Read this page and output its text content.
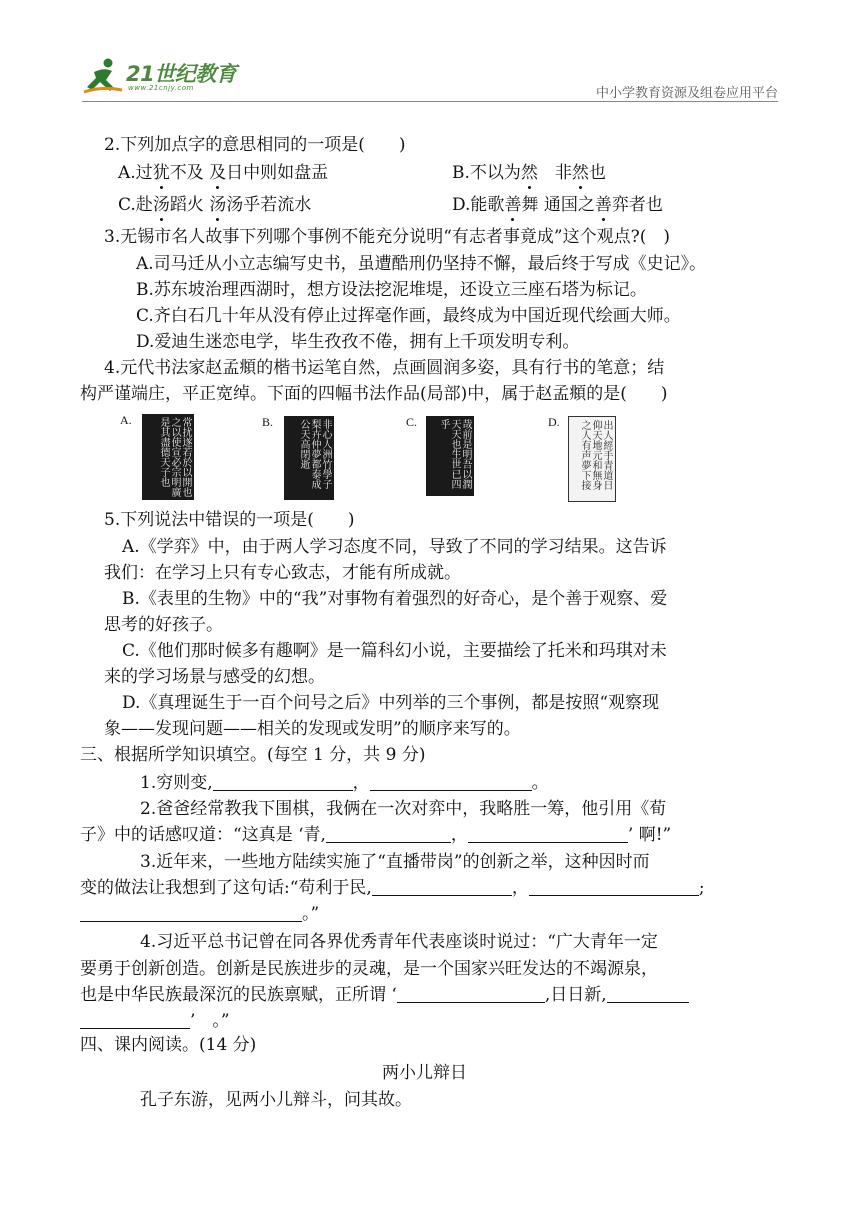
21世纪教育
www.21cnjy.com	中小学教育资源及组卷应用平台
2.下列加点字的意思相同的一项是(　　)
A.过犹不及 及日中则如盘盂	B.不以为然　非然也
C.赴汤蹈火 汤汤乎若流水	D.能歌善舞 通国之善弈者也
3.无锡市名人故事下列哪个事例不能充分说明“有志者事竟成”这个观点?(　)
A.司马迁从小立志编写史书，虽遭酷刑仍坚持不懈，最后终于写成《史记》。
B.苏东坡治理西湖时，想方设法挖泥堆堤，还设立三座石塔为标记。
C.齐白石几十年从没有停止过挥毫作画，最终成为中国近现代绘画大师。
D.爱迪生迷恋电学，毕生孜孜不倦，拥有上千项发明专利。
4.元代书法家赵孟頫的楷书运笔自然，点画圆润多姿，具有行书的笔意；结
构严谨端庄，平正宽绰。下面的四幅书法作品(局部)中，属于赵孟頫的是(　　)
A.	常扰遂若於以開也之以使宣必宗明廣是其盡德天子也	B.	非心人洲竹學子梨卉仲夢都泰成公天高閉逝	C.	哉前是明吾以潤天天也生世已四乎	D.	出人經手青道日仰天地元和無身之人有声夢下接
5.下列说法中错误的一项是(　　)
A.《学弈》中，由于两人学习态度不同，导致了不同的学习结果。这告诉
我们：在学习上只有专心致志，才能有所成就。
B.《表里的生物》中的“我”对事物有着强烈的好奇心，是个善于观察、爱
思考的好孩子。
C.《他们那时候多有趣啊》是一篇科幻小说，主要描绘了托米和玛琪对未
来的学习场景与感受的幻想。
D.《真理诞生于一百个问号之后》中列举的三个事例，都是按照“观察现
象——发现问题——相关的发现或发明”的顺序来写的。
三、根据所学知识填空。(每空 1 分，共 9 分)
1.穷则变,	，	。
2.爸爸经常教我下围棋，我俩在一次对弈中，我略胜一筹，他引用《荀
子》中的话感叹道：“这真是 ‘青,	，	’ 啊!”
3.近年来，一些地方陆续实施了“直播带岗”的创新之举，这种因时而
变的做法让我想到了这句话:“苟利于民,	，	;
。”
4.习近平总书记曾在同各界优秀青年代表座谈时说过：“广大青年一定
要勇于创新创造。创新是民族进步的灵魂，是一个国家兴旺发达的不竭源泉，
也是中华民族最深沉的民族禀赋，正所谓 ‘	,日日新,
’　 。”
四、课内阅读。(14 分)
两小儿辩日
孔子东游，见两小儿辩斗，问其故。
